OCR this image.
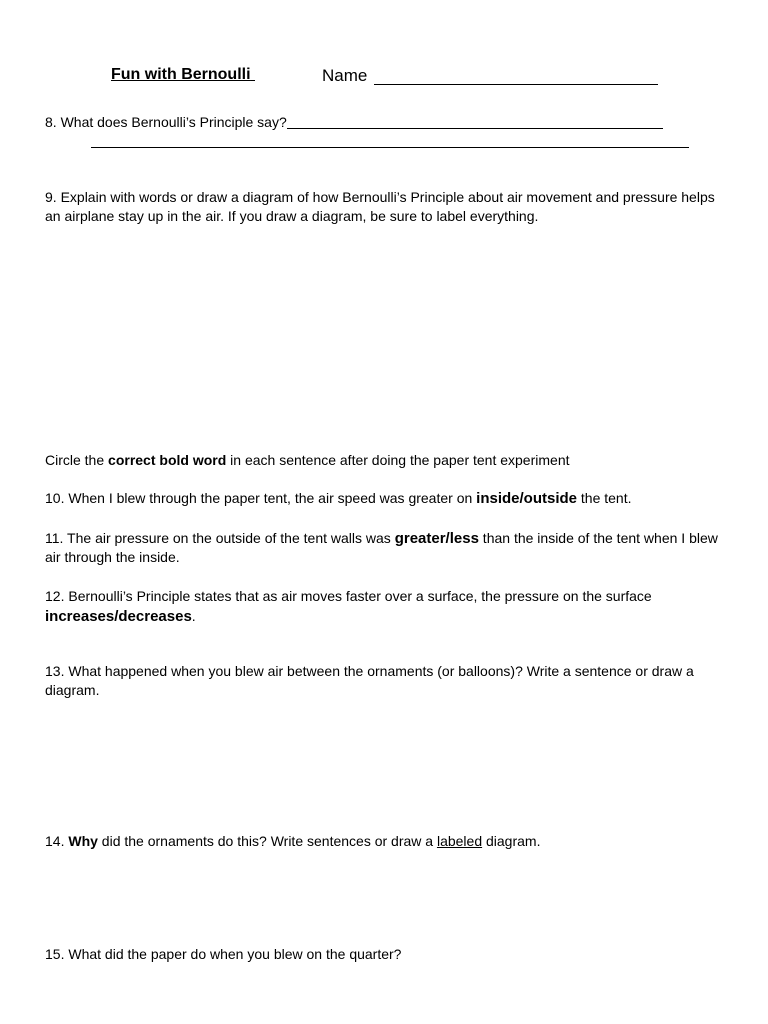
Fun with Bernoulli	Name
8. What does Bernoulli’s Principle say?
9. Explain with words or draw a diagram of how Bernoulli’s Principle about air movement and pressure helps an airplane stay up in the air. If you draw a diagram, be sure to label everything.
Circle the correct bold word in each sentence after doing the paper tent experiment
10. When I blew through the paper tent, the air speed was greater on inside/outside the tent.
11. The air pressure on the outside of the tent walls was greater/less than the inside of the tent when I blew air through the inside.
12. Bernoulli’s Principle states that as air moves faster over a surface, the pressure on the surface increases/decreases.
13. What happened when you blew air between the ornaments (or balloons)? Write a sentence or draw a diagram.
14. Why did the ornaments do this? Write sentences or draw a labeled diagram.
15. What did the paper do when you blew on the quarter?
